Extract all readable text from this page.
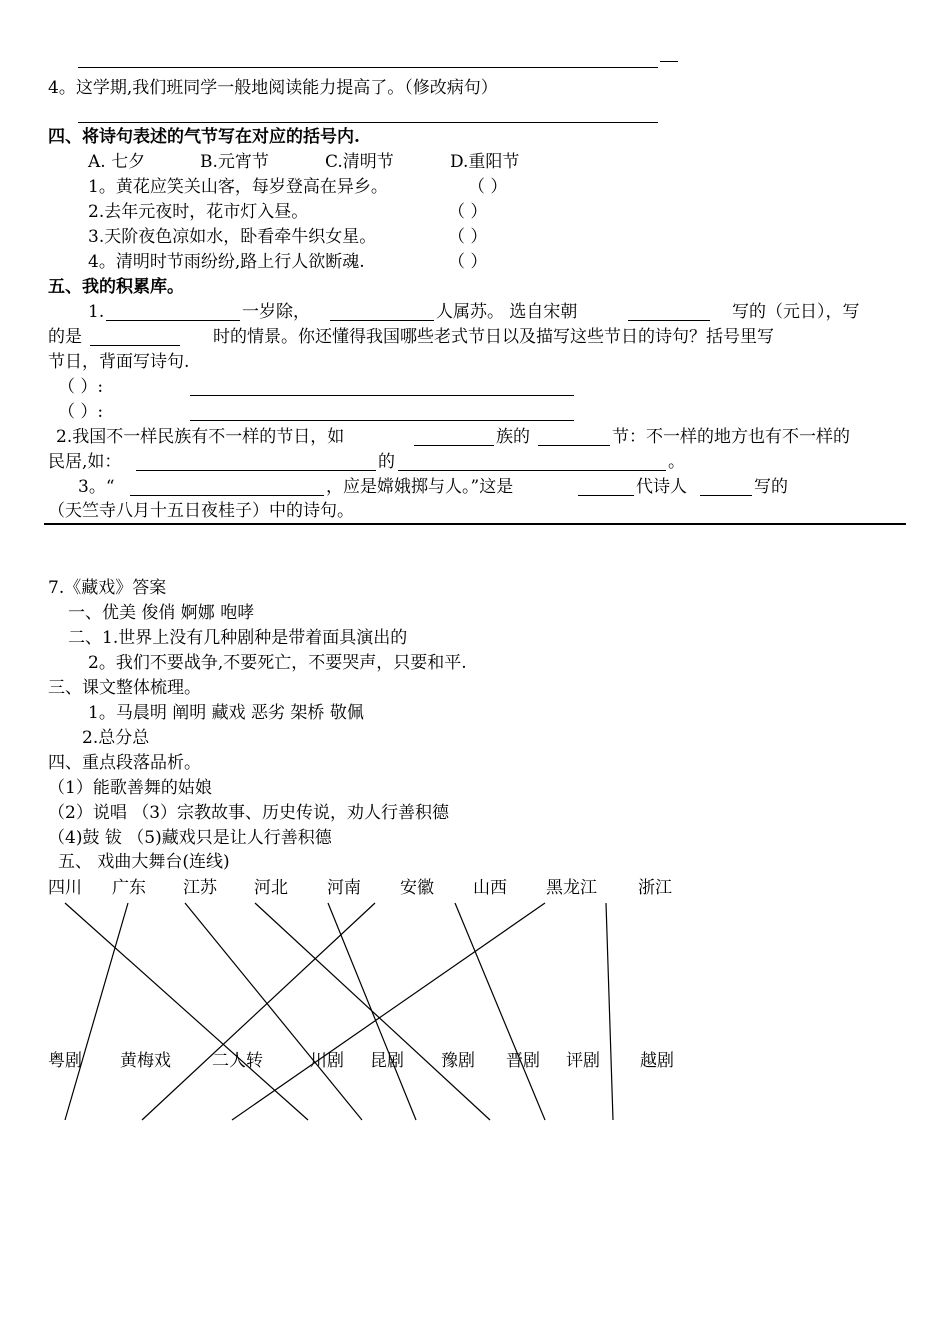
4。这学期,我们班同学一般地阅读能力提高了。（修改病句）
四、将诗句表述的气节写在对应的括号内.
A. 七夕	B.元宵节	C.清明节	D.重阳节
1。黄花应笑关山客，每岁登高在异乡。	（ ）
2.去年元夜时，花市灯入昼。	（ ）
3.天阶夜色凉如水，卧看牵牛织女星。	（ ）
4。清明时节雨纷纷,路上行人欲断魂.	（ ）
五、我的积累库。
1.	一岁除，	人属苏。 选自宋朝	写的（元日），写
的是	时的情景。你还懂得我国哪些老式节日以及描写这些节日的诗句？括号里写
节日，背面写诗句.
（ ）:
（ ）:
2.我国不一样民族有不一样的节日，如	族的	节：不一样的地方也有不一样的
民居,如：	的	。
3。“	，应是嫦娥掷与人。”这是	代诗人	写的
（天竺寺八月十五日夜桂子）中的诗句。
7.《藏戏》答案
一、优美 俊俏 婀娜 咆哮
二、1.世界上没有几种剧种是带着面具演出的
2。我们不要战争,不要死亡，不要哭声，只要和平.
三、课文整体梳理。
1。马晨明 阐明 藏戏 恶劣 架桥 敬佩
2.总分总
四、重点段落品析。
（1）能歌善舞的姑娘
（2）说唱 （3）宗教故事、历史传说，劝人行善积德
（4)鼓 钹 （5)藏戏只是让人行善积德
五、 戏曲大舞台(连线)
四川 广东 江苏 河北 河南 安徽 山西 黑龙江 浙江
粤剧 黄梅戏 二人转	川剧 昆剧 豫剧 晋剧 评剧 越剧
